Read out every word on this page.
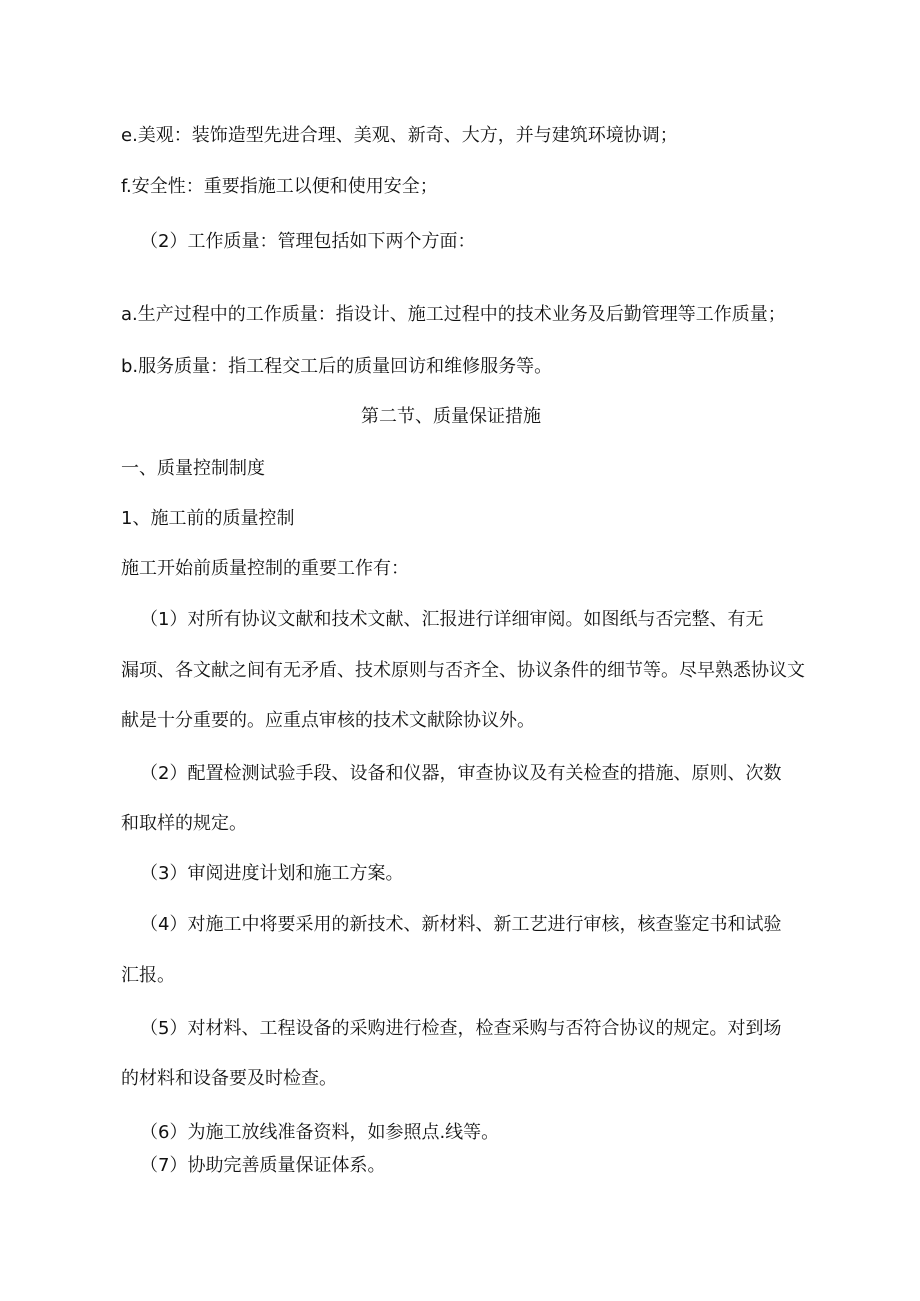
e.美观：装饰造型先进合理、美观、新奇、大方，并与建筑环境协调；

f.安全性：重要指施工以便和使用安全；

（2）工作质量：管理包括如下两个方面：

a.生产过程中的工作质量：指设计、施工过程中的技术业务及后勤管理等工作质量；

b.服务质量：指工程交工后的质量回访和维修服务等。

第二节、质量保证措施

一、质量控制制度

1、施工前的质量控制

施工开始前质量控制的重要工作有：

（1）对所有协议文献和技术文献、汇报进行详细审阅。如图纸与否完整、有无

漏项、各文献之间有无矛盾、技术原则与否齐全、协议条件的细节等。尽早熟悉协议文

献是十分重要的。应重点审核的技术文献除协议外。

（2）配置检测试验手段、设备和仪器，审查协议及有关检查的措施、原则、次数

和取样的规定。

（3）审阅进度计划和施工方案。

（4）对施工中将要采用的新技术、新材料、新工艺进行审核，核查鉴定书和试验

汇报。

（5）对材料、工程设备的采购进行检查，检查采购与否符合协议的规定。对到场

的材料和设备要及时检查。

（6）为施工放线准备资料，如参照点.线等。

（7）协助完善质量保证体系。
